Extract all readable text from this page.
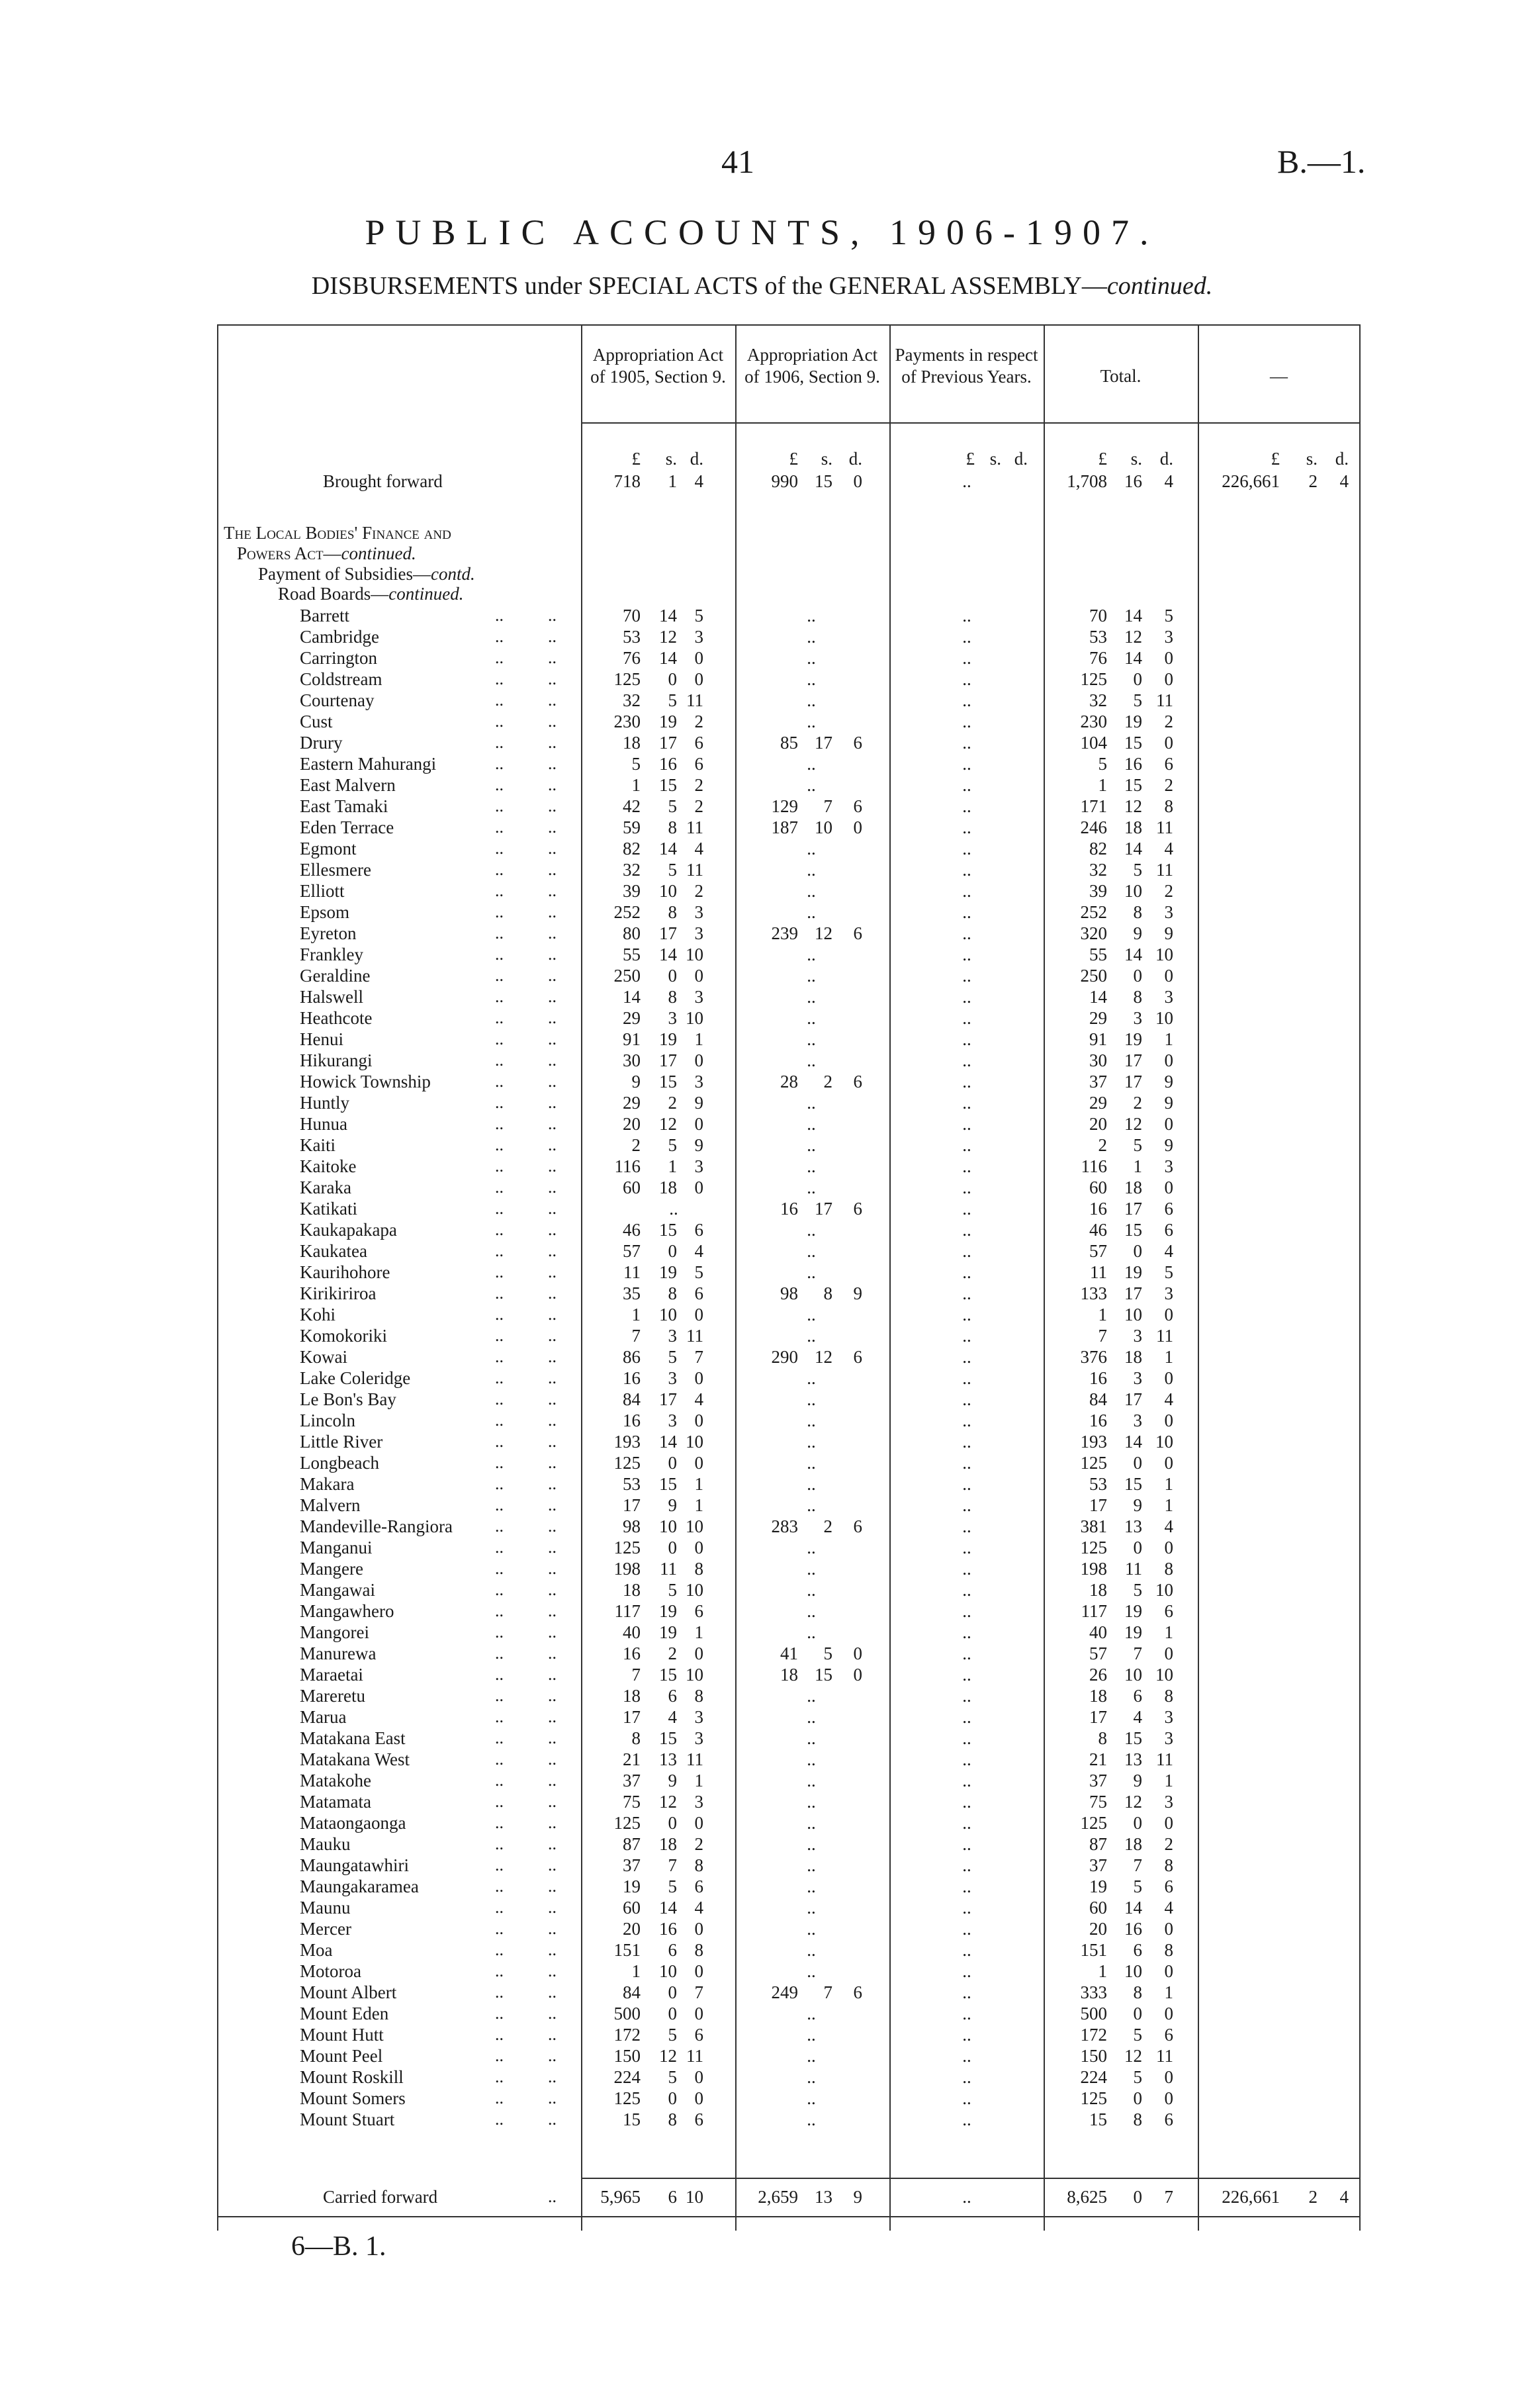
41	B.—1.
PUBLIC ACCOUNTS, 1906-1907.
DISBURSEMENTS under SPECIAL ACTS of the GENERAL ASSEMBLY—continued.
Appropriation Act of 1905, Section 9.
Appropriation Act of 1906, Section 9.
Payments in respect of Previous Years.	Total.	—
£ s. d.	£ s. d.	£ s. d.	£ s. d.
£ s. d.
Brought forward	718 1 4	990 15 0	..	1,708 16 4	226,661 2 4
The Local Bodies' Finance and
Powers Act—continued.
Payment of Subsidies—contd.
Road Boards—continued.
Barrett	..	..	70 14 5	..	..	70 14 5
Cambridge	..	..	53 12 3	..	..	53 12 3
Carrington	..	..	76 14 0	..	..	76 14 0
Coldstream	..	..	125 0 0	..	..	125 0 0
Courtenay	..	..	32 5 11	..	..	32 5 11
Cust	..	..	230 19 2	..	..	230 19 2
Drury	..	..	18 17 6	85 17 6	..	104 15 0
Eastern Mahurangi	..	..	5 16 6	..	..	5 16 6
East Malvern	..	..	1 15 2	..	..	1 15 2
East Tamaki	..	..	42 5 2	129 7 6	..	171 12 8
Eden Terrace	..	..	59 8 11	187 10 0	..	246 18 11
Egmont	..	..	82 14 4	..	..	82 14 4
Ellesmere	..	..	32 5 11	..	..	32 5 11
Elliott	..	..	39 10 2	..	..	39 10 2
Epsom	..	..	252 8 3	..	..	252 8 3
Eyreton	..	..	80 17 3	239 12 6	..	320 9 9
Frankley	..	..	55 14 10	..	..	55 14 10
Geraldine	..	..	250 0 0	..	..	250 0 0
Halswell	..	..	14 8 3	..	..	14 8 3
Heathcote	..	..	29 3 10	..	..	29 3 10
Henui	..	..	91 19 1	..	..	91 19 1
Hikurangi	..	..	30 17 0	..	..	30 17 0
Howick Township	..	..	9 15 3	28 2 6	..	37 17 9
Huntly	..	..	29 2 9	..	..	29 2 9
Hunua	..	..	20 12 0	..	..	20 12 0
Kaiti	..	..	2 5 9	..	..	2 5 9
Kaitoke	..	..	116 1 3	..	..	116 1 3
Karaka	..	..	60 18 0	..	..	60 18 0
Katikati	..	..	..	16 17 6	..	16 17 6
Kaukapakapa	..	..	46 15 6	..	..	46 15 6
Kaukatea	..	..	57 0 4	..	..	57 0 4
Kaurihohore	..	..	11 19 5	..	..	11 19 5
Kirikiriroa	..	..	35 8 6	98 8 9	..	133 17 3
Kohi	..	..	1 10 0	..	..	1 10 0
Komokoriki	..	..	7 3 11	..	..	7 3 11
Kowai	..	..	86 5 7	290 12 6	..	376 18 1
Lake Coleridge	..	..	16 3 0	..	..	16 3 0
Le Bon's Bay	..	..	84 17 4	..	..	84 17 4
Lincoln	..	..	16 3 0	..	..	16 3 0
Little River	..	..	193 14 10	..	..	193 14 10
Longbeach	..	..	125 0 0	..	..	125 0 0
Makara	..	..	53 15 1	..	..	53 15 1
Malvern	..	..	17 9 1	..	..	17 9 1
Mandeville-Rangiora ..	..	98 10 10	283 2 6	..	381 13 4
Manganui	..	..	125 0 0	..	..	125 0 0
Mangere	..	..	198 11 8	..	..	198 11 8
Mangawai	..	..	18 5 10	..	..	18 5 10
Mangawhero	..	..	117 19 6	..	..	117 19 6
Mangorei	..	..	40 19 1	..	..	40 19 1
Manurewa	..	..	16 2 0	41 5 0	..	57 7 0
Maraetai	..	..	7 15 10	18 15 0	..	26 10 10
Mareretu	..	..	18 6 8	..	..	18 6 8
Marua	..	..	17 4 3	..	..	17 4 3
Matakana East	..	..	8 15 3	..	..	8 15 3
Matakana West	..	..	21 13 11	..	..	21 13 11
Matakohe	..	..	37 9 1	..	..	37 9 1
Matamata	..	..	75 12 3	..	..	75 12 3
Mataongaonga	..	..	125 0 0	..	..	125 0 0
Mauku	..	..	87 18 2	..	..	87 18 2
Maungatawhiri	..	..	37 7 8	..	..	37 7 8
Maungakaramea	..	..	19 5 6	..	..	19 5 6
Maunu	..	..	60 14 4	..	..	60 14 4
Mercer	..	..	20 16 0	..	..	20 16 0
Moa	..	..	151 6 8	..	..	151 6 8
Motoroa	..	..	1 10 0	..	..	1 10 0
Mount Albert	..	..	84 0 7	249 7 6	..	333 8 1
Mount Eden	..	..	500 0 0	..	..	500 0 0
Mount Hutt	..	..	172 5 6	..	..	172 5 6
Mount Peel	..	..	150 12 11	..	..	150 12 11
Mount Roskill	..	..	224 5 0	..	..	224 5 0
Mount Somers	..	..	125 0 0	..	..	125 0 0
Mount Stuart	..	..	15 8 6	..	..	15 8 6
Carried forward	.. 5,965 6 10	2,659 13 9	..	8,625 0 7	226,661 2 4
6—B. 1.
